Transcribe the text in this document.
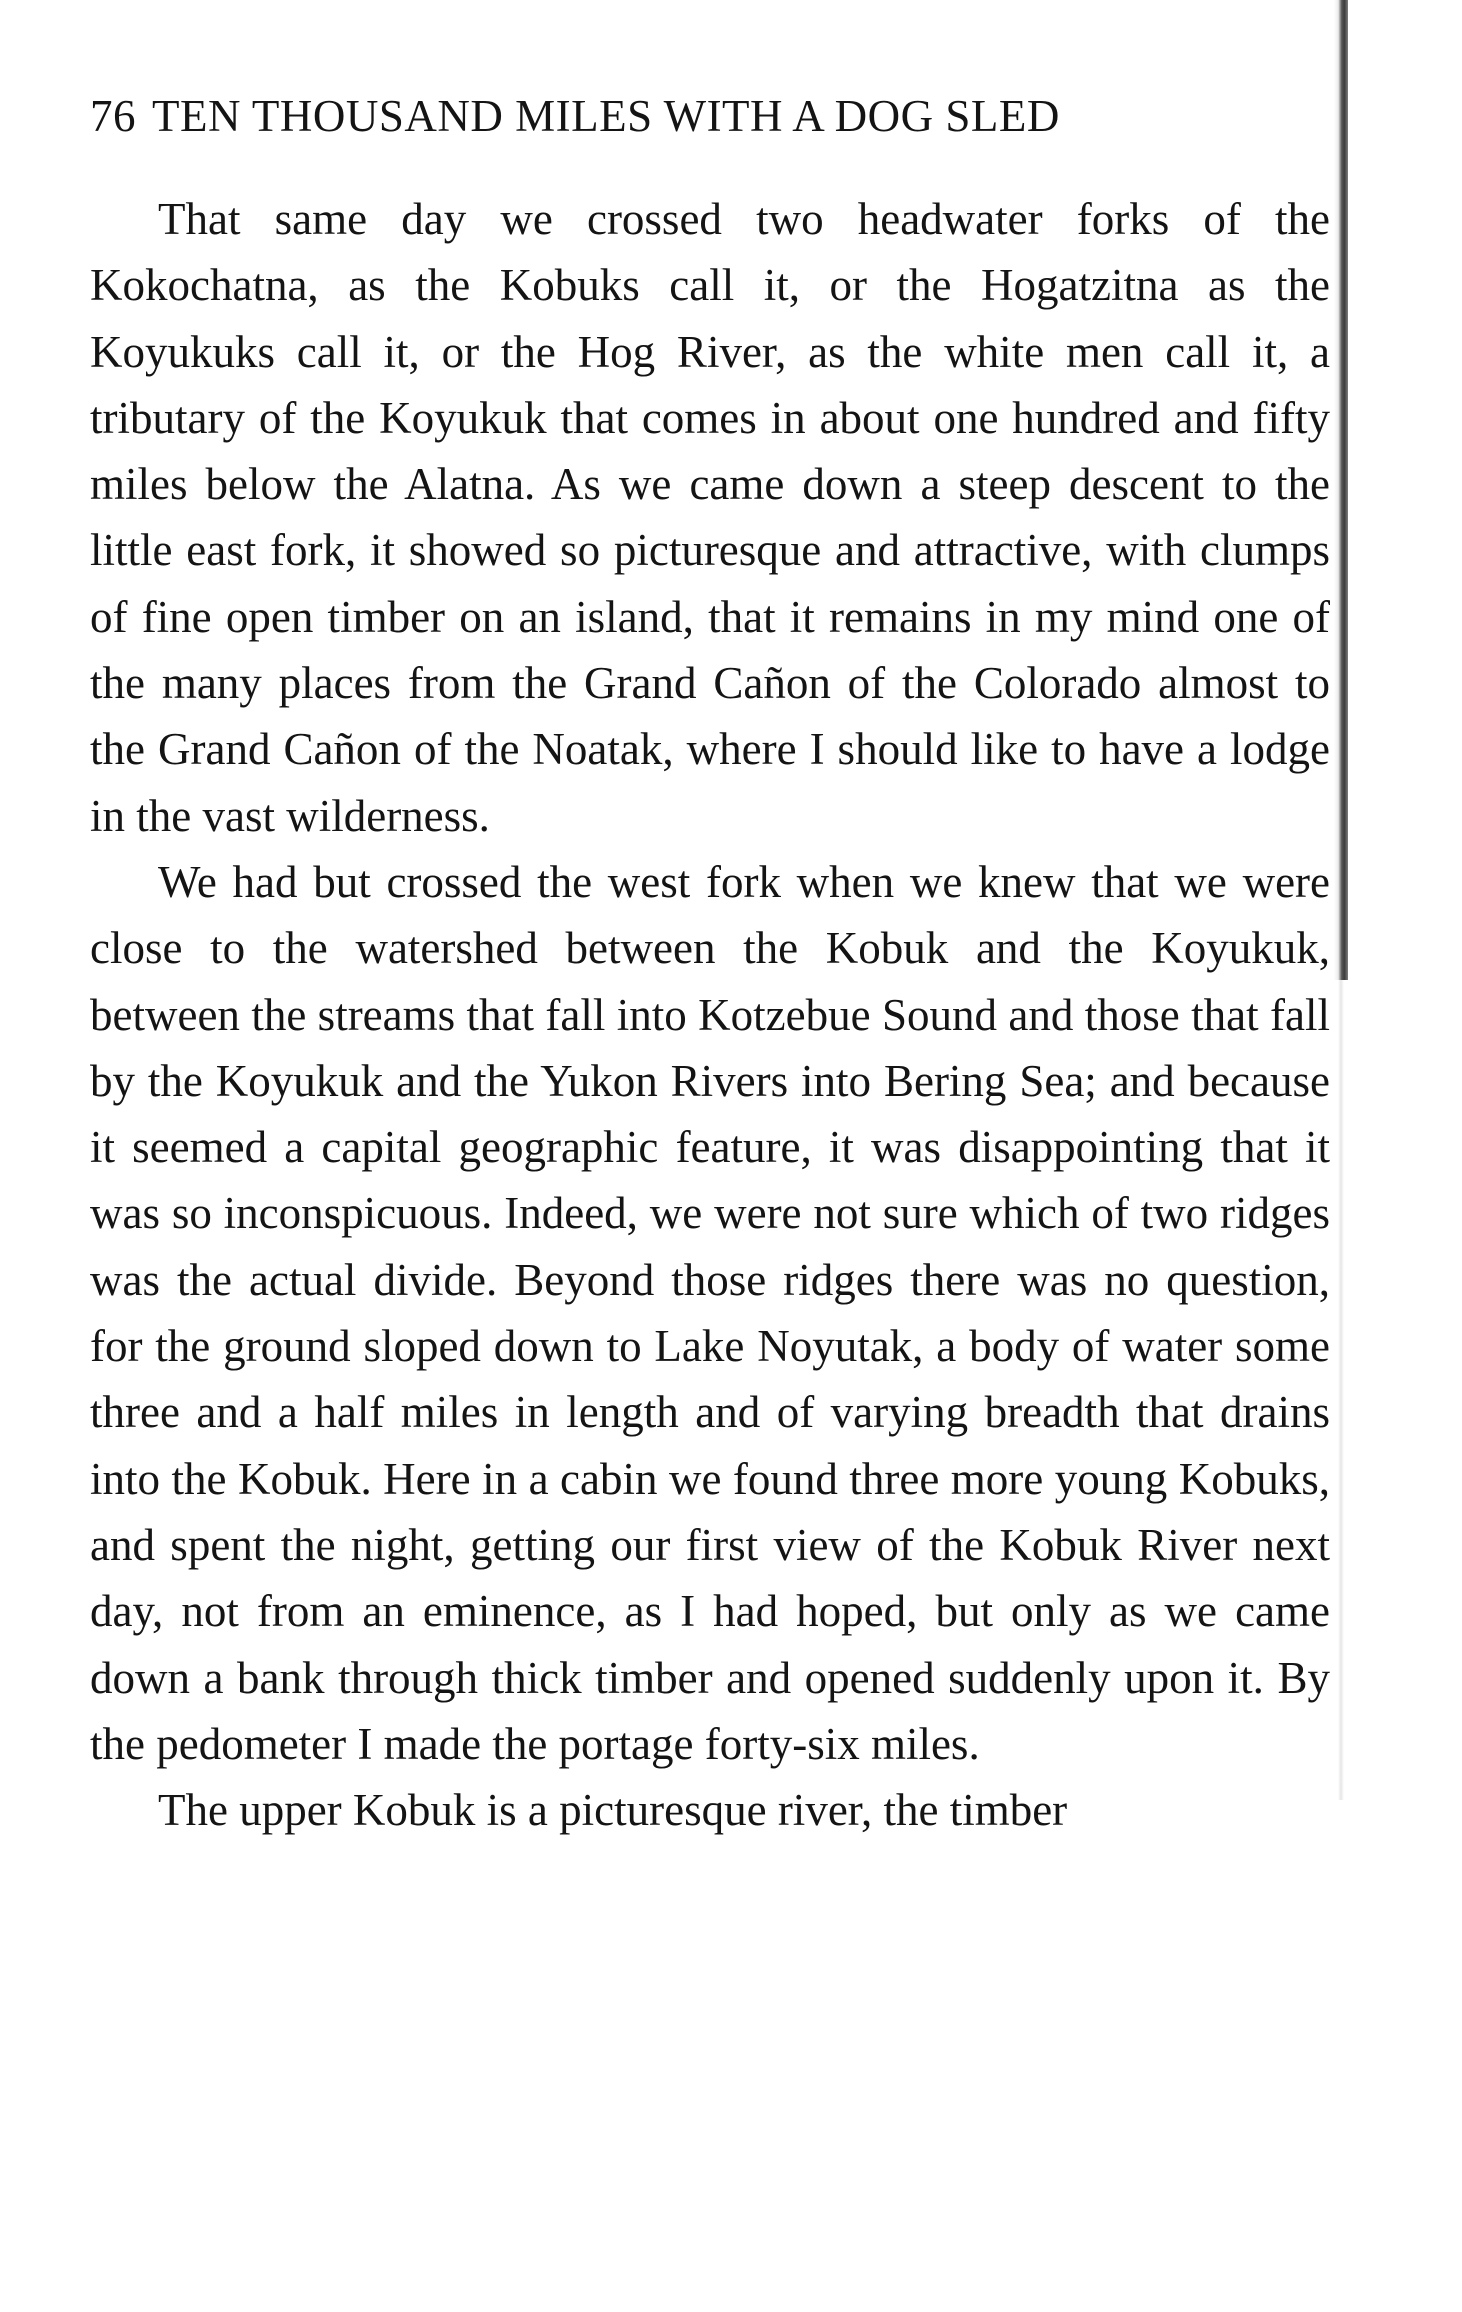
76 TEN THOUSAND MILES WITH A DOG SLED

That same day we crossed two headwater forks of the Kokochatna, as the Kobuks call it, or the Hogatzitna as the Koyukuks call it, or the Hog River, as the white men call it, a tributary of the Koyukuk that comes in about one hundred and fifty miles below the Alatna. As we came down a steep descent to the little east fork, it showed so picturesque and attractive, with clumps of fine open timber on an island, that it remains in my mind one of the many places from the Grand Cañon of the Colorado almost to the Grand Cañon of the Noatak, where I should like to have a lodge in the vast wilderness.

We had but crossed the west fork when we knew that we were close to the watershed between the Kobuk and the Koyukuk, between the streams that fall into Kotzebue Sound and those that fall by the Koyukuk and the Yukon Rivers into Bering Sea; and because it seemed a capital geographic feature, it was disappointing that it was so inconspicuous. Indeed, we were not sure which of two ridges was the actual divide. Beyond those ridges there was no question, for the ground sloped down to Lake Noyutak, a body of water some three and a half miles in length and of varying breadth that drains into the Kobuk. Here in a cabin we found three more young Kobuks, and spent the night, getting our first view of the Kobuk River next day, not from an eminence, as I had hoped, but only as we came down a bank through thick timber and opened suddenly upon it. By the pedometer I made the portage forty-six miles.

The upper Kobuk is a picturesque river, the timber
